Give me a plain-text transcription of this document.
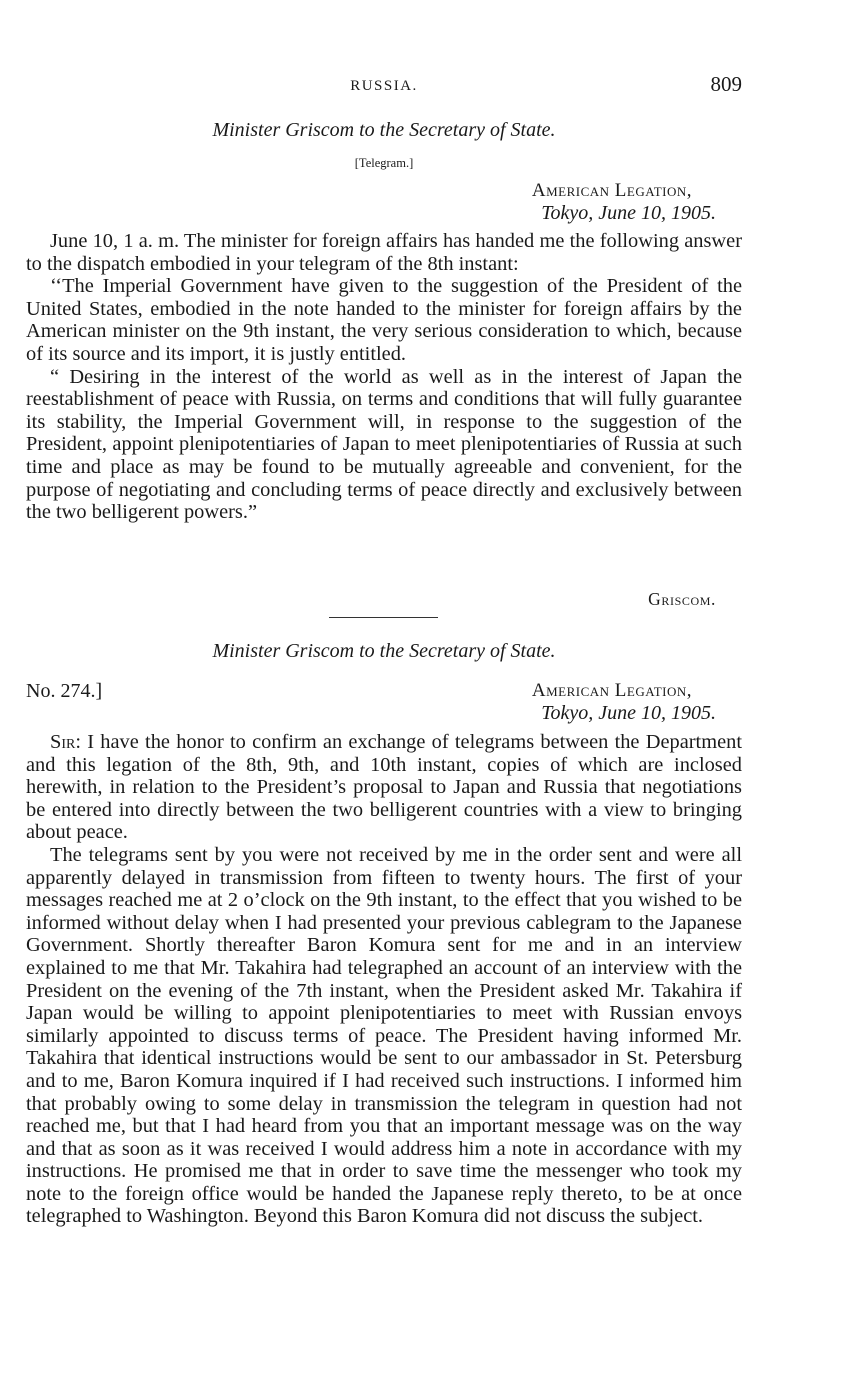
RUSSIA.	809
Minister Griscom to the Secretary of State.
[Telegram.]
American Legation,
Tokyo, June 10, 1905.

June 10, 1 a. m. The minister for foreign affairs has handed me the following answer to the dispatch embodied in your telegram of the 8th instant:

‘‘The Imperial Government have given to the suggestion of the President of the United States, embodied in the note handed to the minister for foreign affairs by the American minister on the 9th instant, the very serious consideration to which, because of its source and its import, it is justly entitled.

“ Desiring in the interest of the world as well as in the interest of Japan the reestablishment of peace with Russia, on terms and conditions that will fully guarantee its stability, the Imperial Government will, in response to the suggestion of the President, appoint plenipotentiaries of Japan to meet plenipotentiaries of Russia at such time and place as may be found to be mutually agreeable and convenient, for the purpose of negotiating and concluding terms of peace directly and exclusively between the two belligerent powers.”

Griscom.
Minister Griscom to the Secretary of State.
No. 274.]	American Legation,
Tokyo, June 10, 1905.

Sir: I have the honor to confirm an exchange of telegrams between the Department and this legation of the 8th, 9th, and 10th instant, copies of which are inclosed herewith, in relation to the President’s proposal to Japan and Russia that negotiations be entered into directly between the two belligerent countries with a view to bringing about peace.

The telegrams sent by you were not received by me in the order sent and were all apparently delayed in transmission from fifteen to twenty hours. The first of your messages reached me at 2 o’clock on the 9th instant, to the effect that you wished to be informed without delay when I had presented your previous cablegram to the Japanese Government. Shortly thereafter Baron Komura sent for me and in an interview explained to me that Mr. Takahira had telegraphed an account of an interview with the President on the evening of the 7th instant, when the President asked Mr. Takahira if Japan would be willing to appoint plenipotentiaries to meet with Russian envoys similarly appointed to discuss terms of peace. The President having informed Mr. Takahira that identical instructions would be sent to our ambassador in St. Petersburg and to me, Baron Komura inquired if I had received such instructions. I informed him that probably owing to some delay in transmission the telegram in question had not reached me, but that I had heard from you that an important message was on the way and that as soon as it was received I would address him a note in accordance with my instructions. He promised me that in order to save time the messenger who took my note to the foreign office would be handed the Japanese reply thereto, to be at once telegraphed to Washington. Beyond this Baron Komura did not discuss the subject.
